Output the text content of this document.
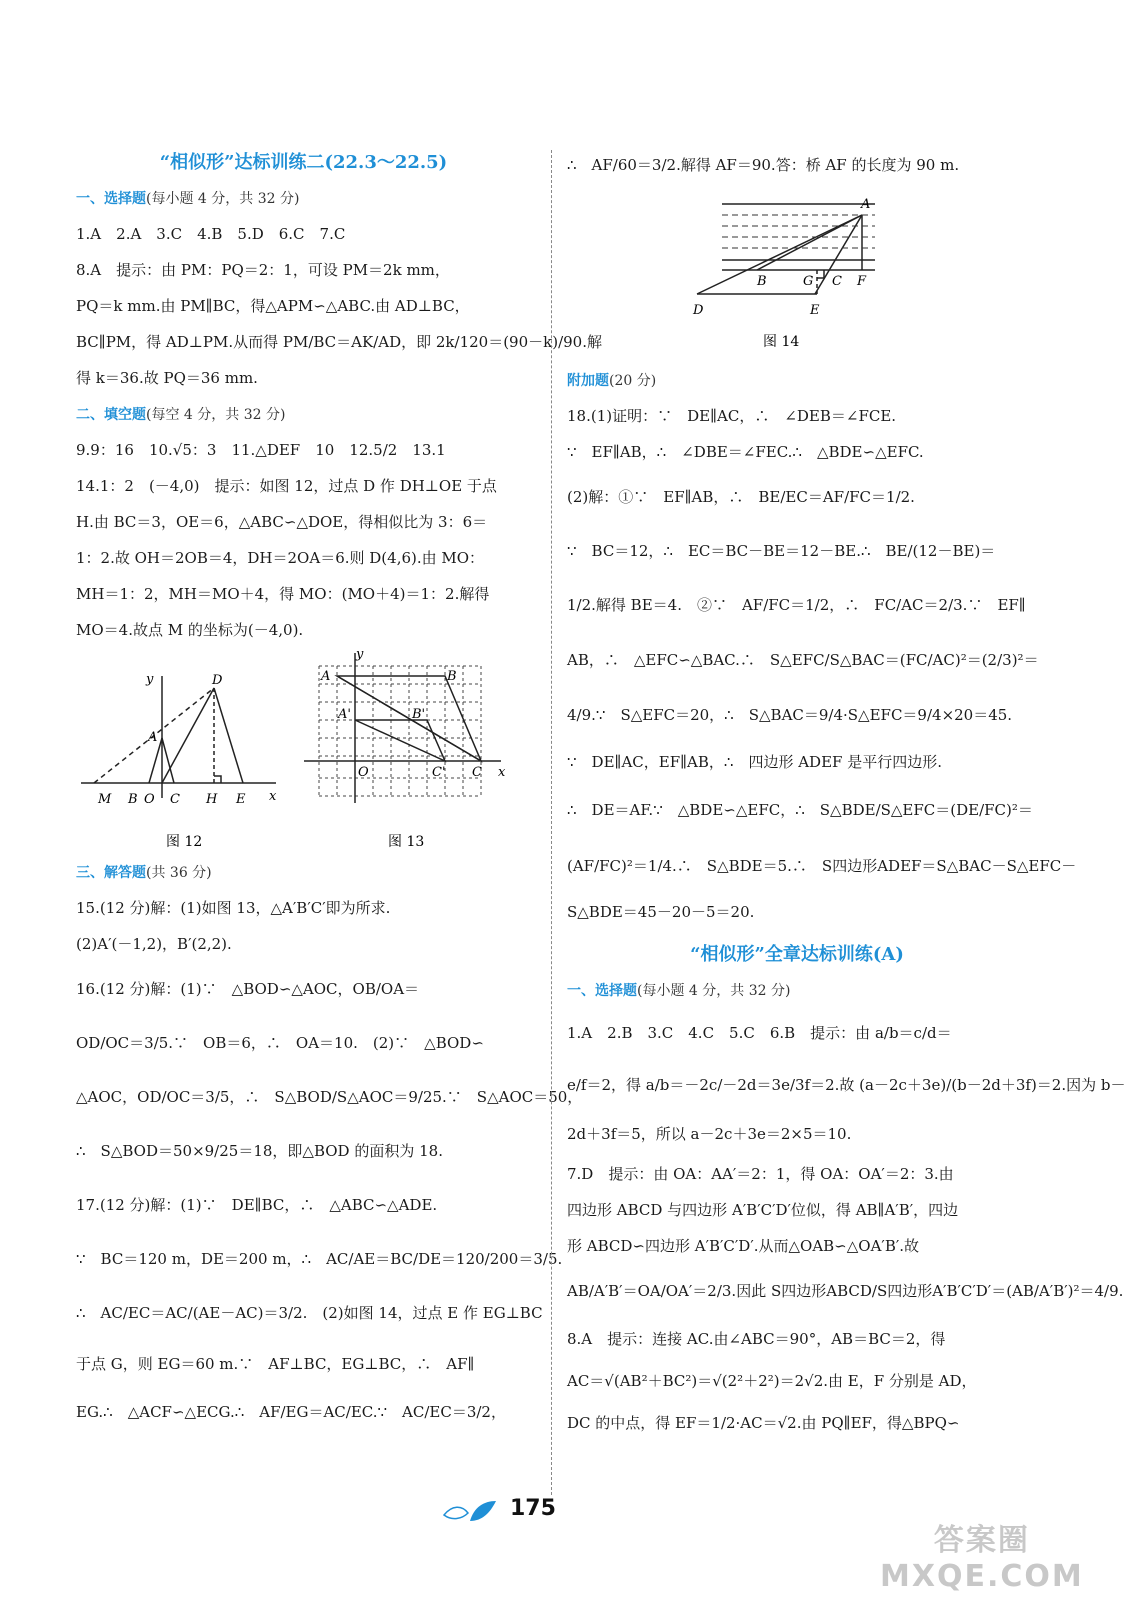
“相似形”达标训练二(22.3～22.5)
一、选择题(每小题 4 分，共 32 分)
1.A　2.A　3.C　4.B　5.D　6.C　7.C
8.A　提示：由 PM：PQ＝2：1，可设 PM＝2k mm，
PQ＝k mm.由 PM∥BC，得△APM∽△ABC.由 AD⊥BC，
BC∥PM，得 AD⊥PM.从而得 PM/BC＝AK/AD，即 2k/120＝(90－k)/90.解
得 k＝36.故 PQ＝36 mm.
二、填空题(每空 4 分，共 32 分)
9.9：16　10.√5：3　11.△DEF　10　12.5/2　13.1
14.1：2　(－4,0)　提示：如图 12，过点 D 作 DH⊥OE 于点
H.由 BC＝3，OE＝6，△ABC∽△DOE，得相似比为 3：6＝
1：2.故 OH＝2OB＝4，DH＝2OA＝6.则 D(4,6).由 MO：
MH＝1：2，MH＝MO＋4，得 MO：(MO＋4)＝1：2.解得
MO＝4.故点 M 的坐标为(－4,0).
y
A
D
M B O C H E x
图 12
y
A	B
A'	B'
O	C' C x
图 13
三、解答题(共 36 分)
15.(12 分)解：(1)如图 13，△A′B′C′即为所求.
(2)A′(－1,2)，B′(2,2).
16.(12 分)解：(1)∵　△BOD∽△AOC，OB/OA＝
OD/OC＝3/5.∵　OB＝6，∴　OA＝10.　(2)∵　△BOD∽
△AOC，OD/OC＝3/5，∴　S△BOD/S△AOC＝9/25.∵　S△AOC＝50，
∴　S△BOD＝50×9/25＝18，即△BOD 的面积为 18.
17.(12 分)解：(1)∵　DE∥BC，∴　△ABC∽△ADE.
∵　BC＝120 m，DE＝200 m，∴　AC/AE＝BC/DE＝120/200＝3/5.
∴　AC/EC＝AC/(AE－AC)＝3/2.　(2)如图 14，过点 E 作 EG⊥BC
于点 G，则 EG＝60 m.∵　AF⊥BC，EG⊥BC，∴　AF∥
EG.∴　△ACF∽△ECG.∴　AF/EG＝AC/EC.∵　AC/EC＝3/2，
∴　AF/60＝3/2.解得 AF＝90.答：桥 AF 的长度为 90 m.
A
B	G C F
D	E
图 14
附加题(20 分)
18.(1)证明：∵　DE∥AC，∴　∠DEB＝∠FCE.
∵　EF∥AB，∴　∠DBE＝∠FEC.∴　△BDE∽△EFC.
(2)解：①∵　EF∥AB，∴　BE/EC＝AF/FC＝1/2.
∵　BC＝12，∴　EC＝BC－BE＝12－BE.∴　BE/(12－BE)＝
1/2.解得 BE＝4.　②∵　AF/FC＝1/2，∴　FC/AC＝2/3.∵　EF∥
AB，∴　△EFC∽△BAC.∴　S△EFC/S△BAC＝(FC/AC)²＝(2/3)²＝
4/9.∵　S△EFC＝20，∴　S△BAC＝9/4·S△EFC＝9/4×20＝45.
∵　DE∥AC，EF∥AB，∴　四边形 ADEF 是平行四边形.
∴　DE＝AF.∵　△BDE∽△EFC，∴　S△BDE/S△EFC＝(DE/FC)²＝
(AF/FC)²＝1/4.∴　S△BDE＝5.∴　S四边形ADEF＝S△BAC－S△EFC－
S△BDE＝45－20－5＝20.
“相似形”全章达标训练(A)
一、选择题(每小题 4 分，共 32 分)
1.A　2.B　3.C　4.C　5.C　6.B　提示：由 a/b＝c/d＝
e/f＝2，得 a/b＝－2c/－2d＝3e/3f＝2.故 (a－2c＋3e)/(b－2d＋3f)＝2.因为 b－
2d＋3f＝5，所以 a－2c＋3e＝2×5＝10.
7.D　提示：由 OA：AA′＝2：1，得 OA：OA′＝2：3.由
四边形 ABCD 与四边形 A′B′C′D′位似，得 AB∥A′B′，四边
形 ABCD∽四边形 A′B′C′D′.从而△OAB∽△OA′B′.故
AB/A′B′＝OA/OA′＝2/3.因此 S四边形ABCD/S四边形A′B′C′D′＝(AB/A′B′)²＝4/9.
8.A　提示：连接 AC.由∠ABC＝90°，AB＝BC＝2，得
AC＝√(AB²＋BC²)＝√(2²＋2²)＝2√2.由 E，F 分别是 AD，
DC 的中点，得 EF＝1/2·AC＝√2.由 PQ∥EF，得△BPQ∽
175
答案圈 MXQE.COM
